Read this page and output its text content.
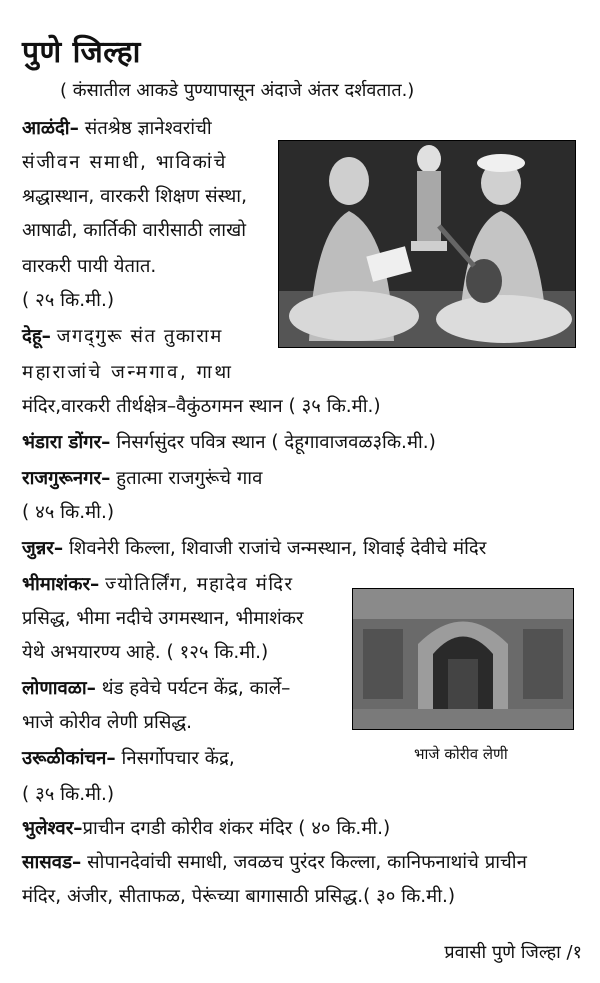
पुणे जिल्हा
( कंसातील आकडे पुण्यापासून अंदाजे अंतर दर्शवतात.)
आळंदी– संतश्रेष्ठ ज्ञानेश्वरांची
संजीवन समाधी, भाविकांचे
श्रद्धास्थान, वारकरी शिक्षण संस्था,
आषाढी, कार्तिकी वारीसाठी लाखो
वारकरी पायी येतात.
( २५ कि.मी.)
देहू– जगद्‌गुरू संत तुकाराम
महाराजांचे जन्मगाव, गाथा
मंदिर,वारकरी तीर्थक्षेत्र–वैकुंठगमन स्थान ( ३५ कि.मी.)
भंडारा डोंगर– निसर्गसुंदर पवित्र स्थान ( देहूगावाजवळ३कि.मी.)
राजगुरूनगर– हुतात्मा राजगुरूंचे गाव
( ४५ कि.मी.)
जुन्नर– शिवनेरी किल्ला, शिवाजी राजांचे जन्मस्थान, शिवाई देवीचे मंदिर
भीमाशंकर– ज्योतिर्लिंग, महादेव मंदिर
प्रसिद्ध, भीमा नदीचे उगमस्थान, भीमाशंकर
येथे अभयारण्य आहे. ( १२५ कि.मी.)
भाजे कोरीव लेणी
लोणावळा– थंड हवेचे पर्यटन केंद्र, कार्ले–
भाजे कोरीव लेणी प्रसिद्ध.
उरूळीकांचन– निसर्गोपचार केंद्र,
( ३५ कि.मी.)
भुलेश्वर–प्राचीन दगडी कोरीव शंकर मंदिर ( ४० कि.मी.)
सासवड– सोपानदेवांची समाधी, जवळच पुरंदर किल्ला, कानिफनाथांचे प्राचीन
मंदिर, अंजीर, सीताफळ, पेरूंच्या बागासाठी प्रसिद्ध.( ३० कि.मी.)
प्रवासी पुणे जिल्हा /१
